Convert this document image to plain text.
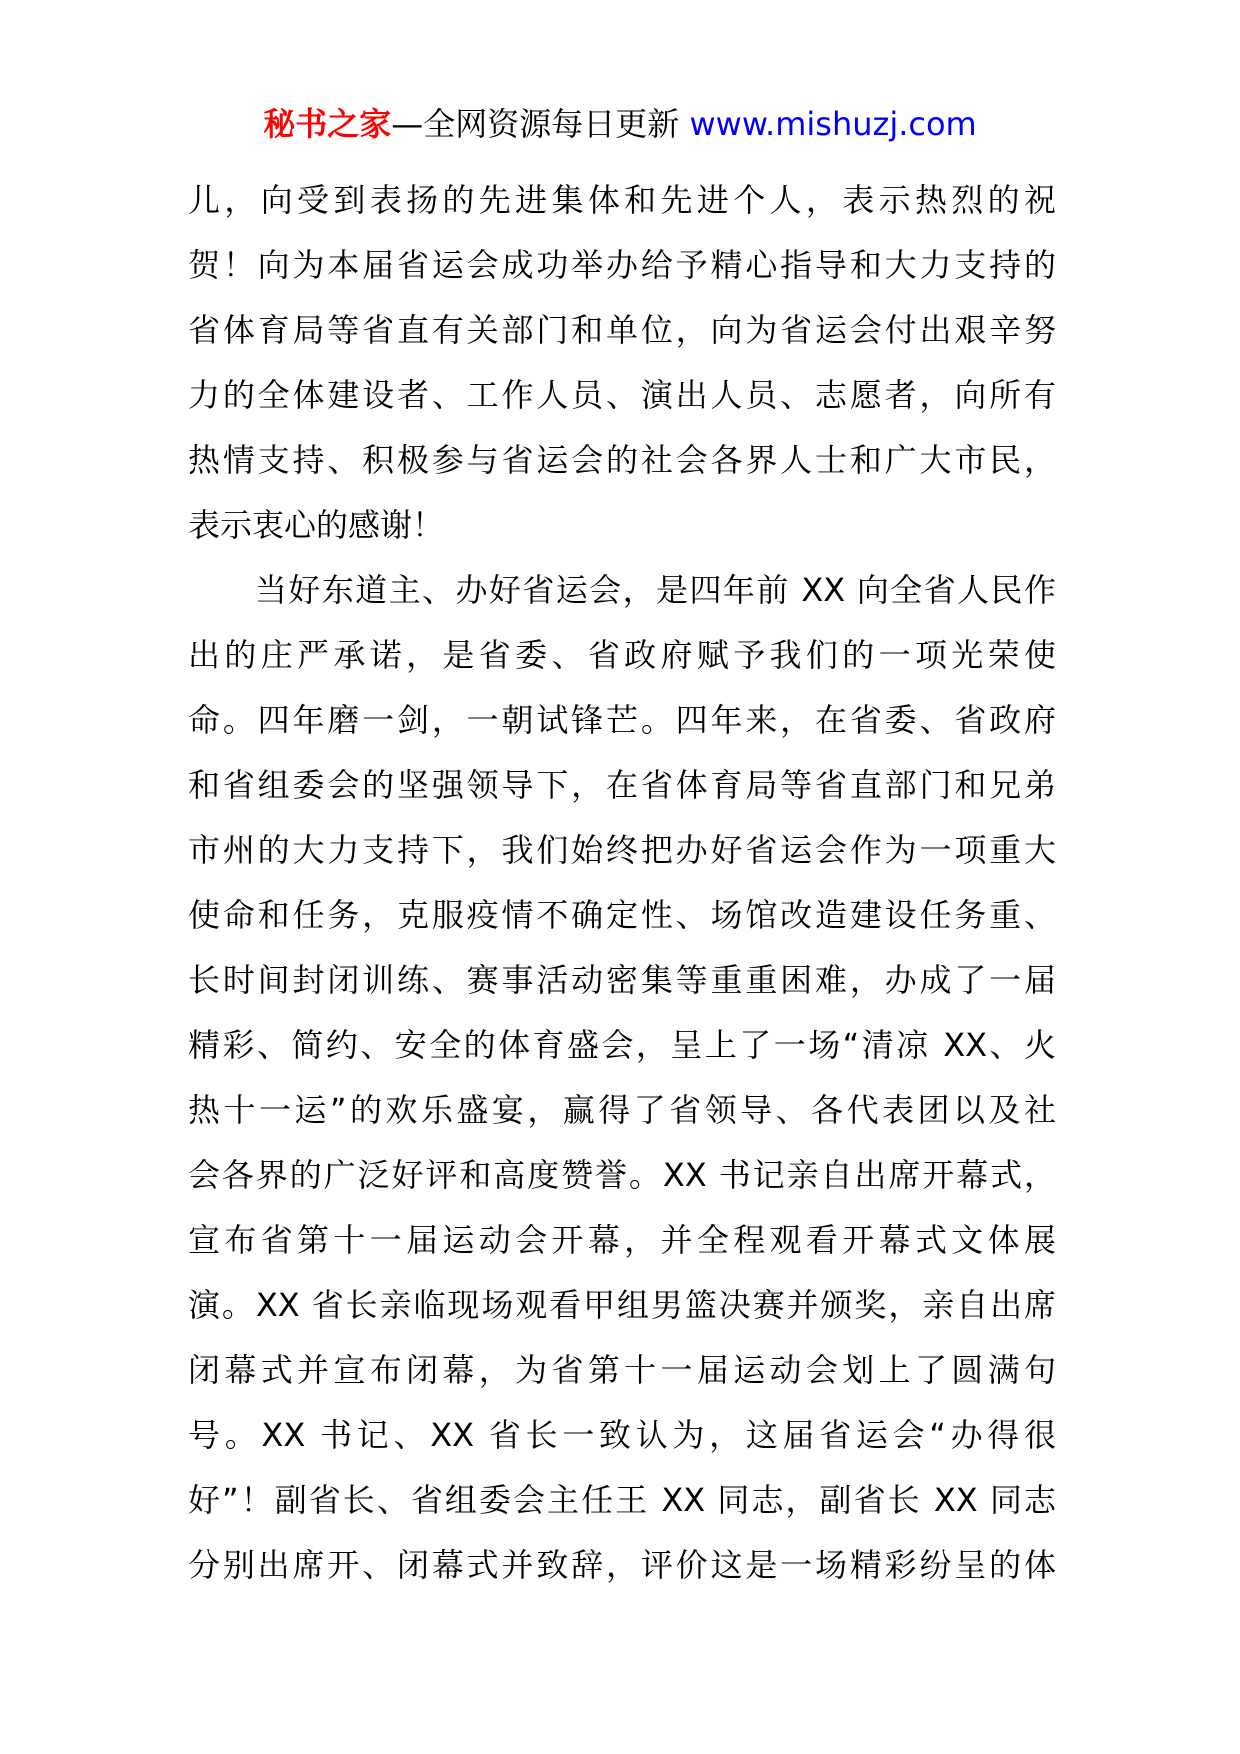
秘书之家—全网资源每日更新 www.mishuzj.com
儿，向受到表扬的先进集体和先进个人，表示热烈的祝
贺！向为本届省运会成功举办给予精心指导和大力支持的
省体育局等省直有关部门和单位，向为省运会付出艰辛努
力的全体建设者、工作人员、演出人员、志愿者，向所有
热情支持、积极参与省运会的社会各界人士和广大市民，
表示衷心的感谢！
　　当好东道主、办好省运会，是四年前 XX 向全省人民作
出的庄严承诺，是省委、省政府赋予我们的一项光荣使
命。四年磨一剑，一朝试锋芒。四年来，在省委、省政府
和省组委会的坚强领导下，在省体育局等省直部门和兄弟
市州的大力支持下，我们始终把办好省运会作为一项重大
使命和任务，克服疫情不确定性、场馆改造建设任务重、
长时间封闭训练、赛事活动密集等重重困难，办成了一届
精彩、简约、安全的体育盛会，呈上了一场“清凉 XX、火
热十一运”的欢乐盛宴，赢得了省领导、各代表团以及社
会各界的广泛好评和高度赞誉。XX 书记亲自出席开幕式，
宣布省第十一届运动会开幕，并全程观看开幕式文体展
演。XX 省长亲临现场观看甲组男篮决赛并颁奖，亲自出席
闭幕式并宣布闭幕，为省第十一届运动会划上了圆满句
号。XX 书记、XX 省长一致认为，这届省运会“办得很
好”！副省长、省组委会主任王 XX 同志，副省长 XX 同志
分别出席开、闭幕式并致辞，评价这是一场精彩纷呈的体
